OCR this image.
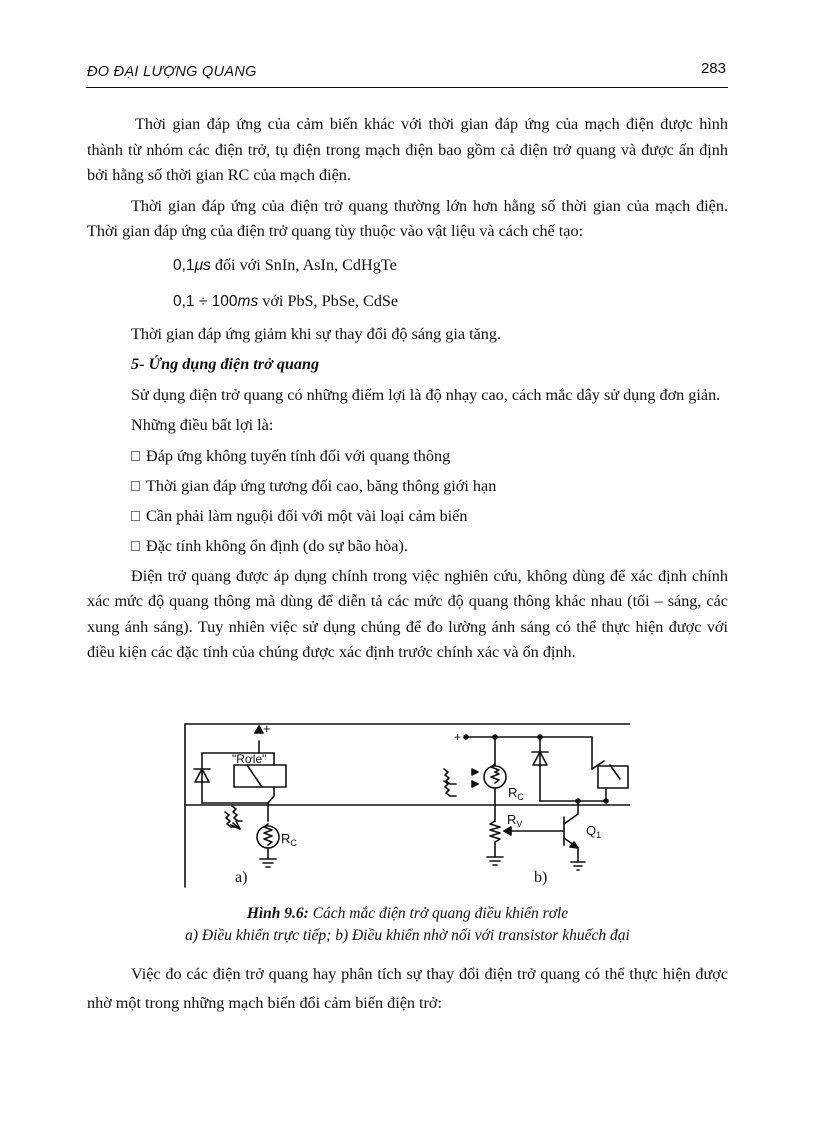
ĐO ĐẠI LƯỢNG QUANG	283

Thời gian đáp ứng của cảm biến khác với thời gian đáp ứng của mạch điện được hình thành từ nhóm các điện trở, tụ điện trong mạch điện bao gồm cả điện trở quang và được ấn định bởi hằng số thời gian RC của mạch điện.

Thời gian đáp ứng của điện trở quang thường lớn hơn hằng số thời gian của mạch điện. Thời gian đáp ứng của điện trở quang tùy thuộc vào vật liệu và cách chế tạo:

0,1μs đối với SnIn, AsIn, CdHgTe
0,1 ÷ 100ms với PbS, PbSe, CdSe

Thời gian đáp ứng giảm khi sự thay đổi độ sáng gia tăng.

5- Ứng dụng điện trở quang

Sử dụng điện trở quang có những điểm lợi là độ nhạy cao, cách mắc dây sử dụng đơn giản.

Những điều bất lợi là:

Đáp ứng không tuyến tính đối với quang thông
Thời gian đáp ứng tương đối cao, băng thông giới hạn
Cần phải làm nguội đối với một vài loại cảm biến
Đặc tính không ổn định (do sự bão hòa).

Điện trở quang được áp dụng chính trong việc nghiên cứu, không dùng để xác định chính xác mức độ quang thông mà dùng để diễn tả các mức độ quang thông khác nhau (tối – sáng, các xung ánh sáng). Tuy nhiên việc sử dụng chúng để đo lường ánh sáng có thể thực hiện được với điều kiện các đặc tính của chúng được xác định trước chính xác và ổn định.

+
"Rơle"
$R_C$
+
$R_C$
$R_V$	$Q_1$
a)	b)
Hình 9.6: Cách mắc điện trở quang điều khiển rơle
a) Điều khiển trực tiếp; b) Điều khiển nhờ nối với transistor khuếch đại

Việc đo các điện trở quang hay phân tích sự thay đổi điện trở quang có thể thực hiện được nhờ một trong những mạch biến đổi cảm biến điện trở:
